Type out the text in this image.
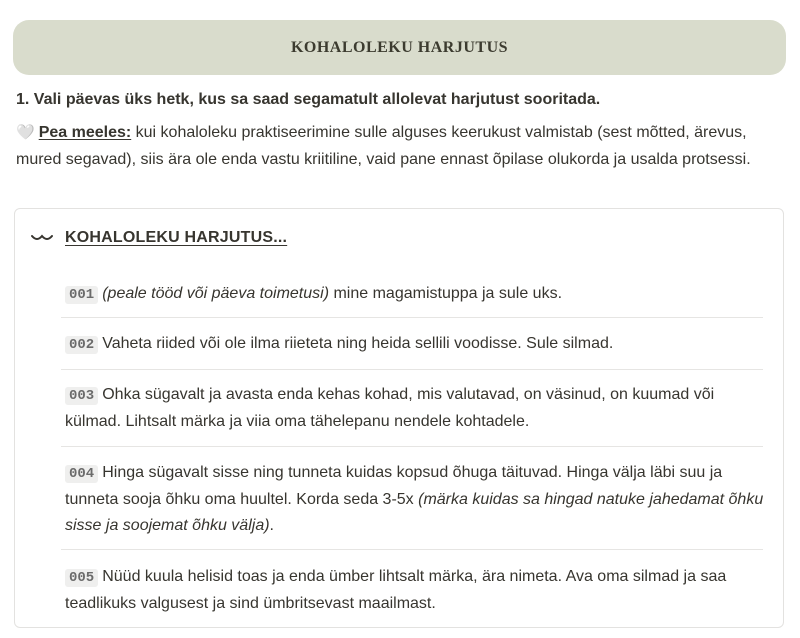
KOHALOLEKU HARJUTUS
1. Vali päevas üks hetk, kus sa saad segamatult allolevat harjutust sooritada.
🤍 Pea meeles: kui kohaloleku praktiseerimine sulle alguses keerukust valmistab (sest mõtted, ärevus, mured segavad), siis ära ole enda vastu kriitiline, vaid pane ennast õpilase olukorda ja usalda protsessi.
KOHALOLEKU HARJUTUS...
001 (peale tööd või päeva toimetusi) mine magamistuppa ja sule uks.
002 Vaheta riided või ole ilma riieteta ning heida sellili voodisse. Sule silmad.
003 Ohka sügavalt ja avasta enda kehas kohad, mis valutavad, on väsinud, on kuumad või külmad. Lihtsalt märka ja viia oma tähelepanu nendele kohtadele.
004 Hinga sügavalt sisse ning tunneta kuidas kopsud õhuga täituvad. Hinga välja läbi suu ja tunneta sooja õhku oma huultel. Korda seda 3-5x (märka kuidas sa hingad natuke jahedamat õhku sisse ja soojemat õhku välja).
005 Nüüd kuula helisid toas ja enda ümber lihtsalt märka, ära nimeta. Ava oma silmad ja saa teadlikuks valgusest ja sind ümbritsevast maailmast.
